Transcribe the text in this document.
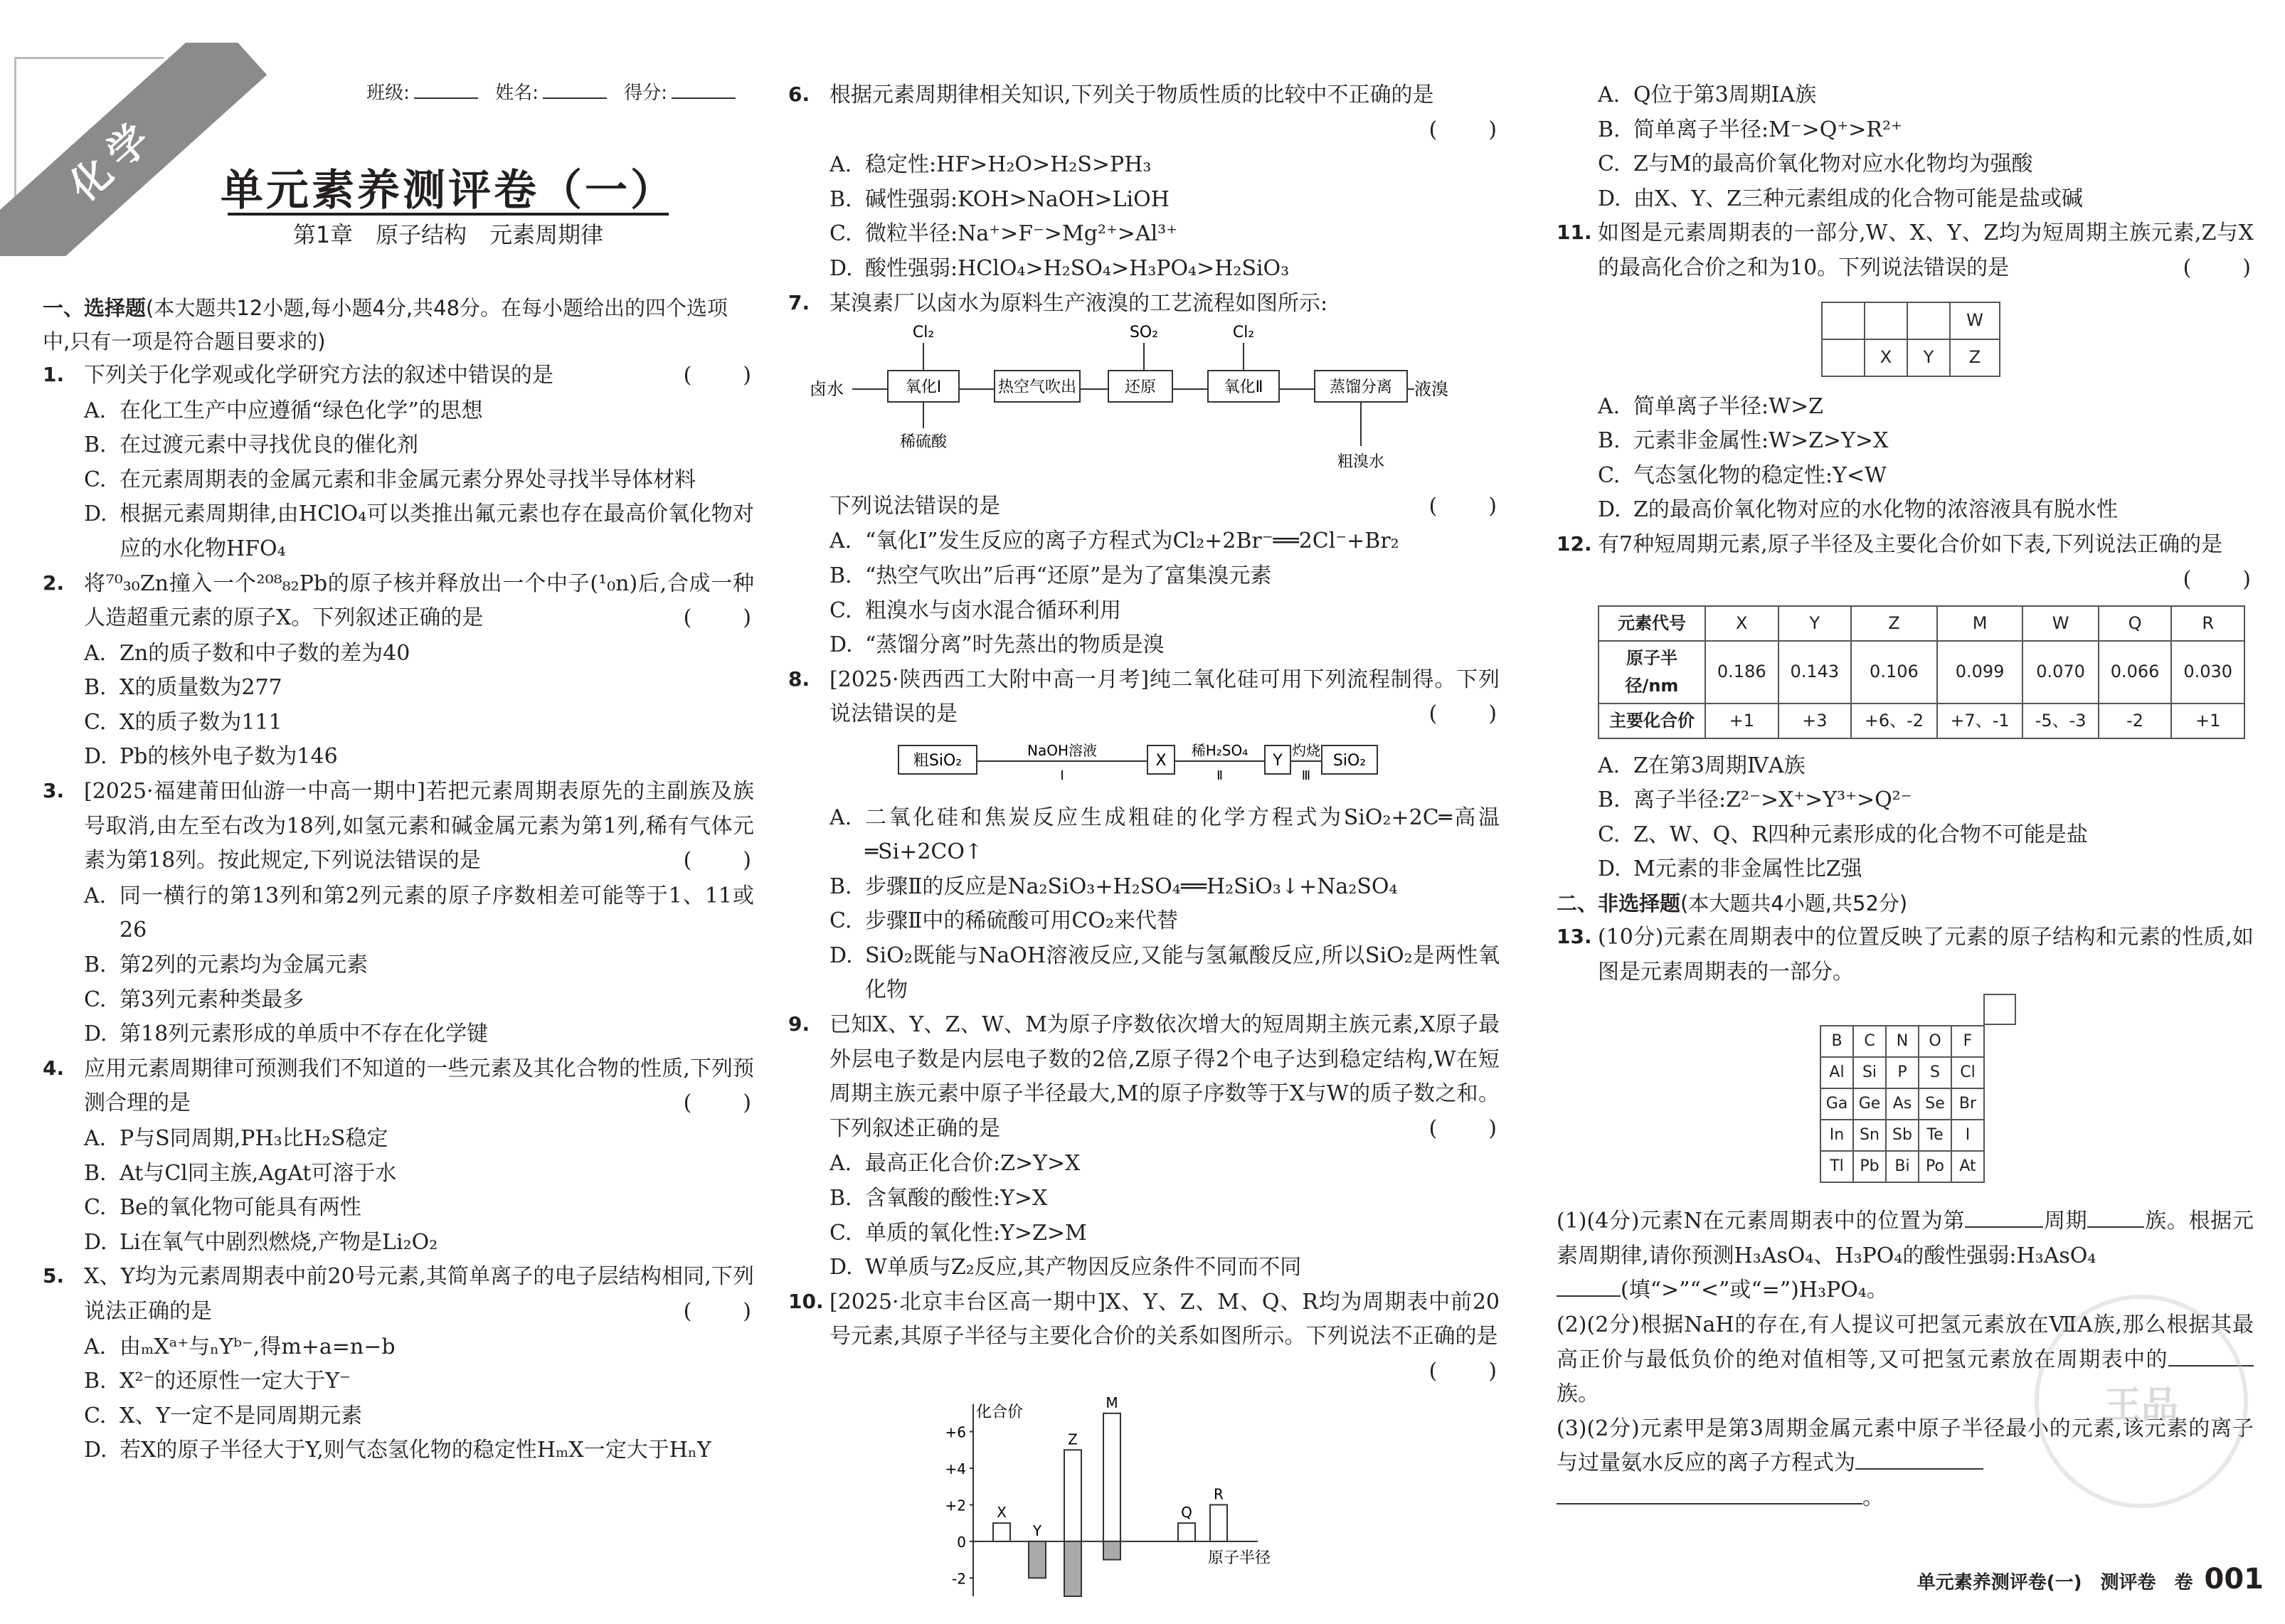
化学
班级:	姓名:	得分:
单元素养测评卷（一）
第1章　原子结构　元素周期律
一、选择题(本大题共12小题,每小题4分,共48分。在每小题给出的四个选项中,只有一项是符合题目要求的)
1. 下列关于化学观或化学研究方法的叙述中错误的是	(　　)
A. 在化工生产中应遵循“绿色化学”的思想
B. 在过渡元素中寻找优良的催化剂
C. 在元素周期表的金属元素和非金属元素分界处寻找半导体材料
D. 根据元素周期律,由HClO₄可以类推出氟元素也存在最高价氧化物对应的水化物HFO₄
2. 将⁷⁰₃₀Zn撞入一个²⁰⁸₈₂Pb的原子核并释放出一个中子(¹₀n)后,合成一种人造超重元素的原子X。下列叙述正确的是	(　　)
A. Zn的质子数和中子数的差为40
B. X的质量数为277
C. X的质子数为111
D. Pb的核外电子数为146
3. [2025·福建莆田仙游一中高一期中]若把元素周期表原先的主副族及族号取消,由左至右改为18列,如氢元素和碱金属元素为第1列,稀有气体元素为第18列。按此规定,下列说法错误的是	(　　)
A. 同一横行的第13列和第2列元素的原子序数相差可能等于1、11或26
B. 第2列的元素均为金属元素
C. 第3列元素种类最多
D. 第18列元素形成的单质中不存在化学键
4. 应用元素周期律可预测我们不知道的一些元素及其化合物的性质,下列预测合理的是	(　　)
A. P与S同周期,PH₃比H₂S稳定
B. At与Cl同主族,AgAt可溶于水
C. Be的氧化物可能具有两性
D. Li在氧气中剧烈燃烧,产物是Li₂O₂
5. X、Y均为元素周期表中前20号元素,其简单离子的电子层结构相同,下列说法正确的是	(　　)
A. 由ₘXᵃ⁺与ₙYᵇ⁻,得m+a=n−b
B. X²⁻的还原性一定大于Y⁻
C. X、Y一定不是同周期元素
D. 若X的原子半径大于Y,则气态氢化物的稳定性HₘX一定大于HₙY
6. 根据元素周期律相关知识,下列关于物质性质的比较中不正确的是
(　　)
A. 稳定性:HF>H₂O>H₂S>PH₃
B. 碱性强弱:KOH>NaOH>LiOH
C. 微粒半径:Na⁺>F⁻>Mg²⁺>Al³⁺
D. 酸性强弱:HClO₄>H₂SO₄>H₃PO₄>H₂SiO₃
7. 某溴素厂以卤水为原料生产液溴的工艺流程如图所示:
卤水	氧化Ⅰ	热空气吹出	还原	氧化Ⅱ	蒸馏分离 液溴
Cl₂	SO₂	Cl₂
稀硫酸
粗溴水
下列说法错误的是	(　　)
A. “氧化Ⅰ”发生反应的离子方程式为Cl₂+2Br⁻══2Cl⁻+Br₂
B. “热空气吹出”后再“还原”是为了富集溴元素
C. 粗溴水与卤水混合循环利用
D. “蒸馏分离”时先蒸出的物质是溴
8. [2025·陕西西工大附中高一月考]纯二氧化硅可用下列流程制得。下列说法错误的是	(　　)
粗SiO₂	X	Y	SiO₂
NaOH溶液
Ⅰ
稀H₂SO₄
Ⅱ
灼烧
Ⅲ
A. 二氧化硅和焦炭反应生成粗硅的化学方程式为SiO₂+2C═高温═Si+2CO↑
B. 步骤Ⅱ的反应是Na₂SiO₃+H₂SO₄══H₂SiO₃↓+Na₂SO₄
C. 步骤Ⅱ中的稀硫酸可用CO₂来代替
D. SiO₂既能与NaOH溶液反应,又能与氢氟酸反应,所以SiO₂是两性氧化物
9. 已知X、Y、Z、W、M为原子序数依次增大的短周期主族元素,X原子最外层电子数是内层电子数的2倍,Z原子得2个电子达到稳定结构,W在短周期主族元素中原子半径最大,M的原子序数等于X与W的质子数之和。下列叙述正确的是	(　　)
A. 最高正化合价:Z>Y>X
B. 含氧酸的酸性:Y>X
C. 单质的氧化性:Y>Z>M
D. W单质与Z₂反应,其产物因反应条件不同而不同
10. [2025·北京丰台区高一期中]X、Y、Z、M、Q、R均为周期表中前20号元素,其原子半径与主要化合价的关系如图所示。下列说法不正确的是
(　　)
化合价
原子半径
+6
+4
+2
0
-2
X
Y
Z
M
Q
R
A. Q位于第3周期ⅠA族
B. 简单离子半径:M⁻>Q⁺>R²⁺
C. Z与M的最高价氧化物对应水化物均为强酸
D. 由X、Y、Z三种元素组成的化合物可能是盐或碱
11. 如图是元素周期表的一部分,W、X、Y、Z均为短周期主族元素,Z与X的最高化合价之和为10。下列说法错误的是	(　　)
			W
	X	Y	Z
A. 简单离子半径:W>Z
B. 元素非金属性:W>Z>Y>X
C. 气态氢化物的稳定性:Y<W
D. Z的最高价氧化物对应的水化物的浓溶液具有脱水性
12. 有7种短周期元素,原子半径及主要化合价如下表,下列说法正确的是
(　　)
元素代号	X	Y	Z	M	W	Q	R
原子半径/nm	0.186	0.143	0.106	0.099	0.070	0.066	0.030
主要化合价	+1	+3	+6、-2	+7、-1	-5、-3	-2	+1
A. Z在第3周期ⅣA族
B. 离子半径:Z²⁻>X⁺>Y³⁺>Q²⁻
C. Z、W、Q、R四种元素形成的化合物不可能是盐
D. M元素的非金属性比Z强
二、非选择题(本大题共4小题,共52分)
13. (10分)元素在周期表中的位置反映了元素的原子结构和元素的性质,如图是元素周期表的一部分。
B	C	N	O	F
Al	Si	P	S	Cl
Ga	Ge	As	Se	Br
In	Sn	Sb	Te	I
Tl	Pb	Bi	Po	At
(1)(4分)元素N在元素周期表中的位置为第	周期	族。根据元素周期律,请你预测H₃AsO₄、H₃PO₄的酸性强弱:H₃AsO₄
(填“>”“<”或“=”)H₃PO₄。
(2)(2分)根据NaH的存在,有人提议可把氢元素放在ⅦA族,那么根据其最高正价与最低负价的绝对值相等,又可把氢元素放在周期表中的族。
(3)(2分)元素甲是第3周期金属元素中原子半径最小的元素,该元素的离子与过量氨水反应的离子方程式为
。
王品
单元素养测评卷(一)　测评卷　卷 001
